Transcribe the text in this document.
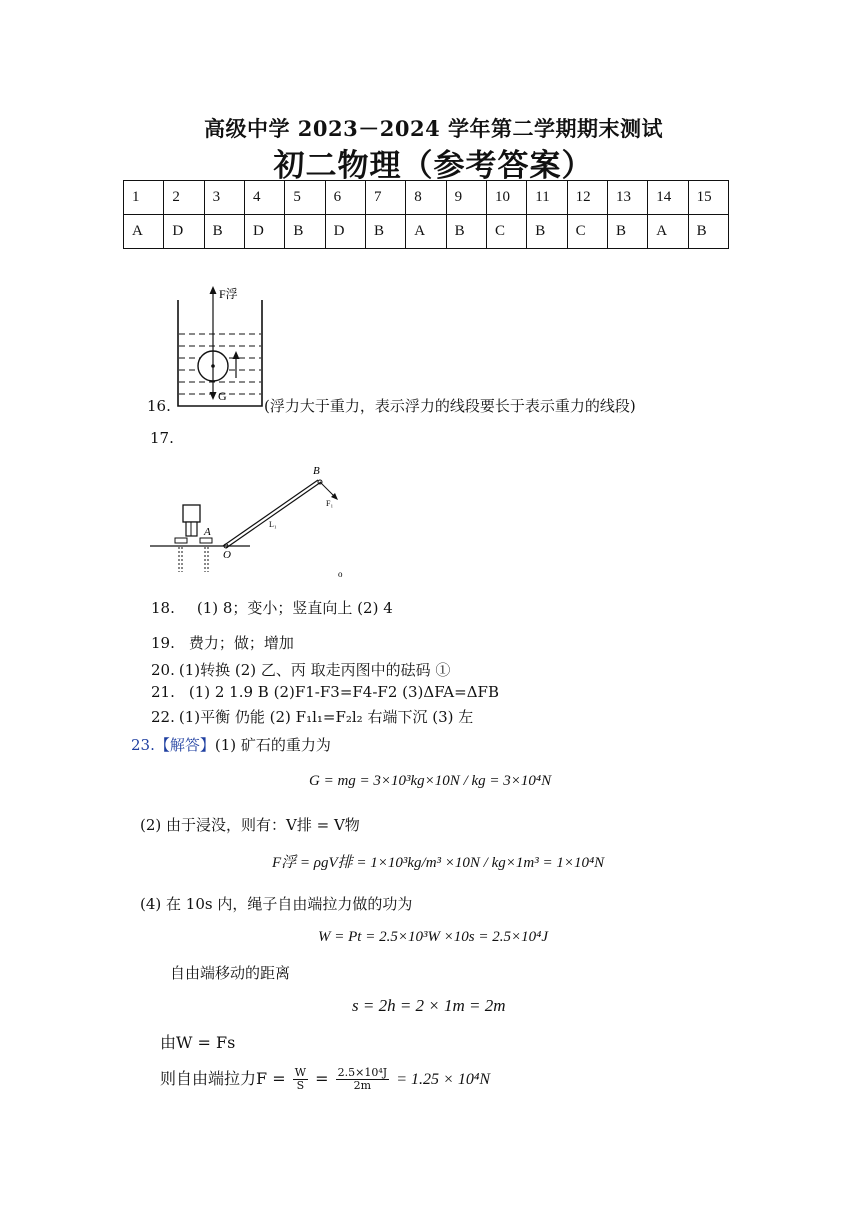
高级中学 2023－2024 学年第二学期期末测试
初二物理（参考答案）
1	2	3	4	5	6	7	8	9	10	11	12	13	14	15
A	D	B	D	B	D	B	A	B	C	B	C	B	A	B
F浮
G
16.	(浮力大于重力，表示浮力的线段要长于表示重力的线段)
17.
B
A
O
F₁
L₁
o
18. (1) 8；变小；竖直向上 (2) 4
19. 费力；做；增加
20. (1)转换 (2) 乙、丙 取走丙图中的砝码 ①
21. (1) 2 1.9 B (2)F1-F3=F4-F2 (3)ΔFA=ΔFB
22. (1)平衡 仍能 (2) F₁l₁=F₂l₂ 右端下沉 (3) 左
23.【解答】(1) 矿石的重力为
G = mg = 3×10³kg×10N / kg = 3×10⁴N
(2) 由于浸没，则有：V排 = V物
F浮 = ρgV排 = 1×10³kg/m³ ×10N / kg×1m³ = 1×10⁴N
(4) 在 10s 内，绳子自由端拉力做的功为
W = Pt = 2.5×10³W ×10s = 2.5×10⁴J
自由端移动的距离
s = 2h = 2 × 1m = 2m
由W = Fs
则自由端拉力$F = \frac{W}{S} = \frac{\text{2.5×10⁴J}}{2m} = 1.25 \times 10^4N$
